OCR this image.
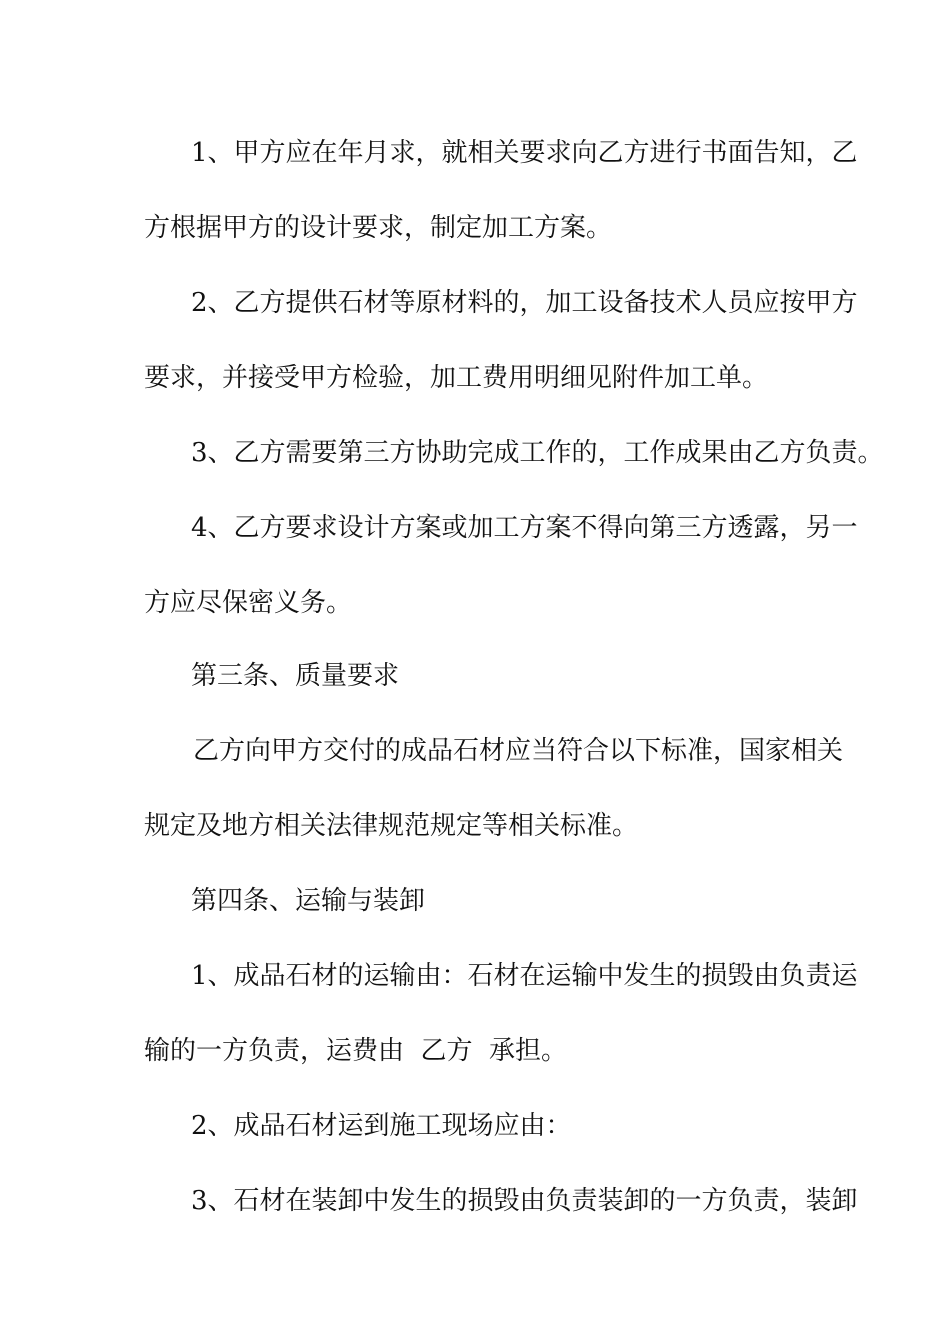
1、甲方应在年月求，就相关要求向乙方进行书面告知，乙
方根据甲方的设计要求，制定加工方案。
2、乙方提供石材等原材料的，加工设备技术人员应按甲方
要求，并接受甲方检验，加工费用明细见附件加工单。
3、乙方需要第三方协助完成工作的，工作成果由乙方负责。
4、乙方要求设计方案或加工方案不得向第三方透露，另一
方应尽保密义务。
第三条、质量要求
乙方向甲方交付的成品石材应当符合以下标准，国家相关
规定及地方相关法律规范规定等相关标准。
第四条、运输与装卸
1、成品石材的运输由：石材在运输中发生的损毁由负责运
输的一方负责，运费由  乙方  承担。
2、成品石材运到施工现场应由：
3、石材在装卸中发生的损毁由负责装卸的一方负责，装卸
